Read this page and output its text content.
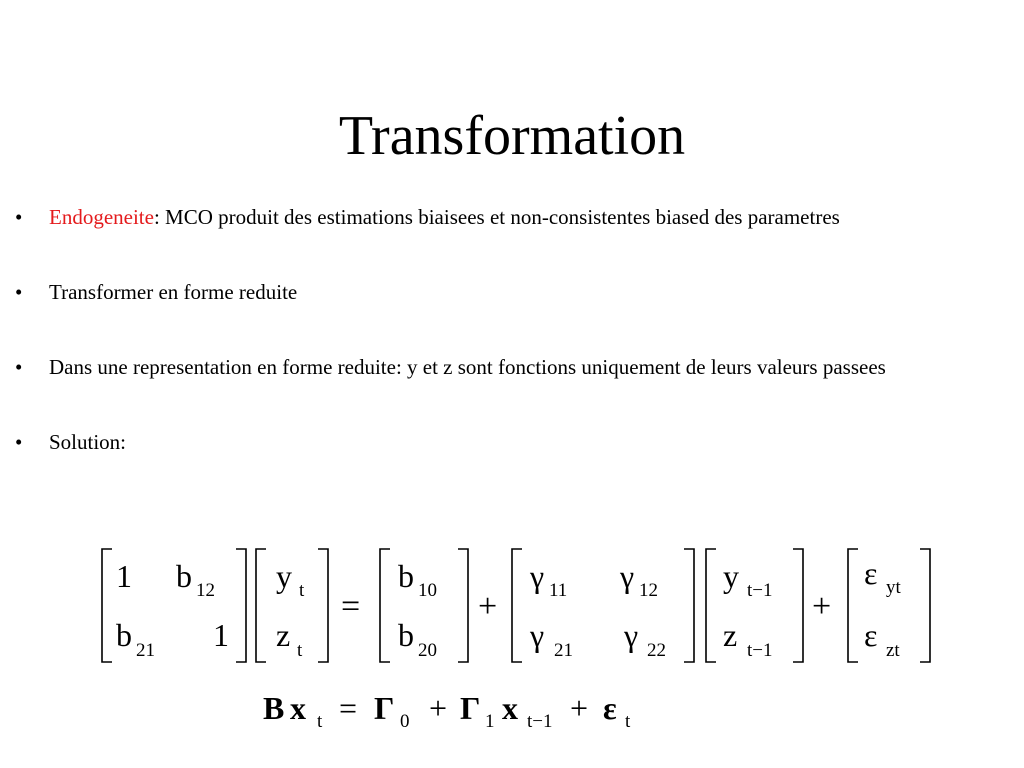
Transformation
• Endogeneite: MCO produit des estimations biaisees et non-consistentes biased des parametres
• Transformer en forme reduite
• Dans une representation en forme reduite: y et z sont fonctions uniquement de leurs valeurs passees
• Solution:
1 b 12
b 21 1
y t
z t
=
b 10
b 20
+
γ 11 γ 12
γ 21 γ 22
y t−1
z t−1
+
ε yt
ε zt
B x t = Γ 0 + Γ 1 x t−1 + ε t
